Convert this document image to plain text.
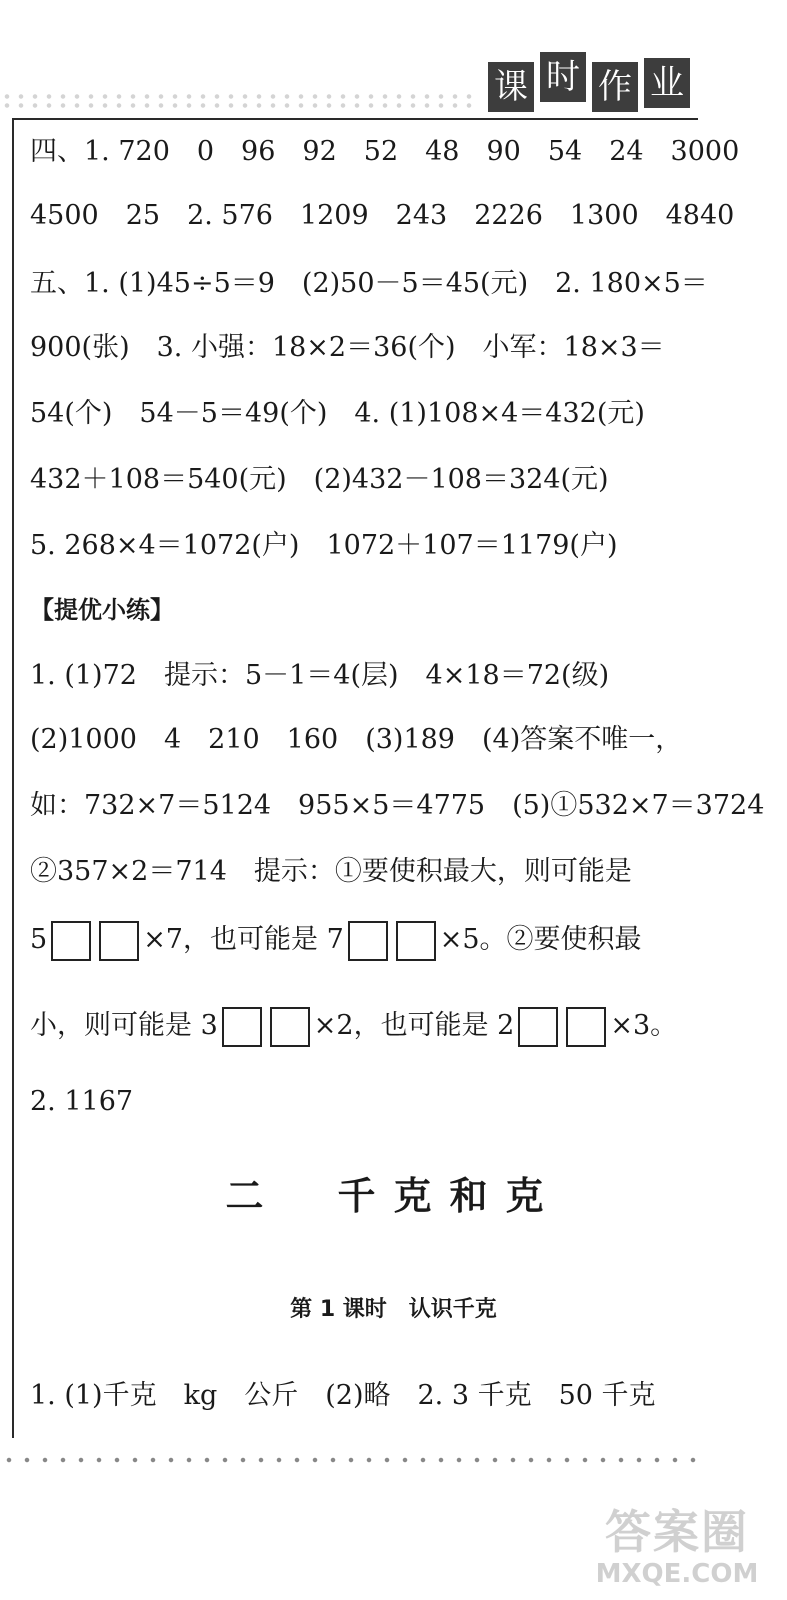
课 时 作 业
四、1. 720　0　96　92　52　48　90　54　24　3000
4500　25　2. 576　1209　243　2226　1300　4840
五、1. (1)45÷5＝9　(2)50－5＝45(元)　2. 180×5＝
900(张)　3. 小强：18×2＝36(个)　小军：18×3＝
54(个)　54－5＝49(个)　4. (1)108×4＝432(元)
432＋108＝540(元)　(2)432－108＝324(元)
5. 268×4＝1072(户)　1072＋107＝1179(户)
【提优小练】
1. (1)72　提示：5－1＝4(层)　4×18＝72(级)
(2)1000　4　210　160　(3)189　(4)答案不唯一，
如：732×7＝5124　955×5＝4775　(5)①532×7＝3724
②357×2＝714　提示：①要使积最大，则可能是
5	×7，也可能是 7	×5。②要使积最
小，则可能是 3	×2，也可能是 2	×3。
2. 1167
二　千克和克
第 1 课时　认识千克
1. (1)千克　kg　公斤　(2)略　2. 3 千克　50 千克
答案圈
MXQE.COM
